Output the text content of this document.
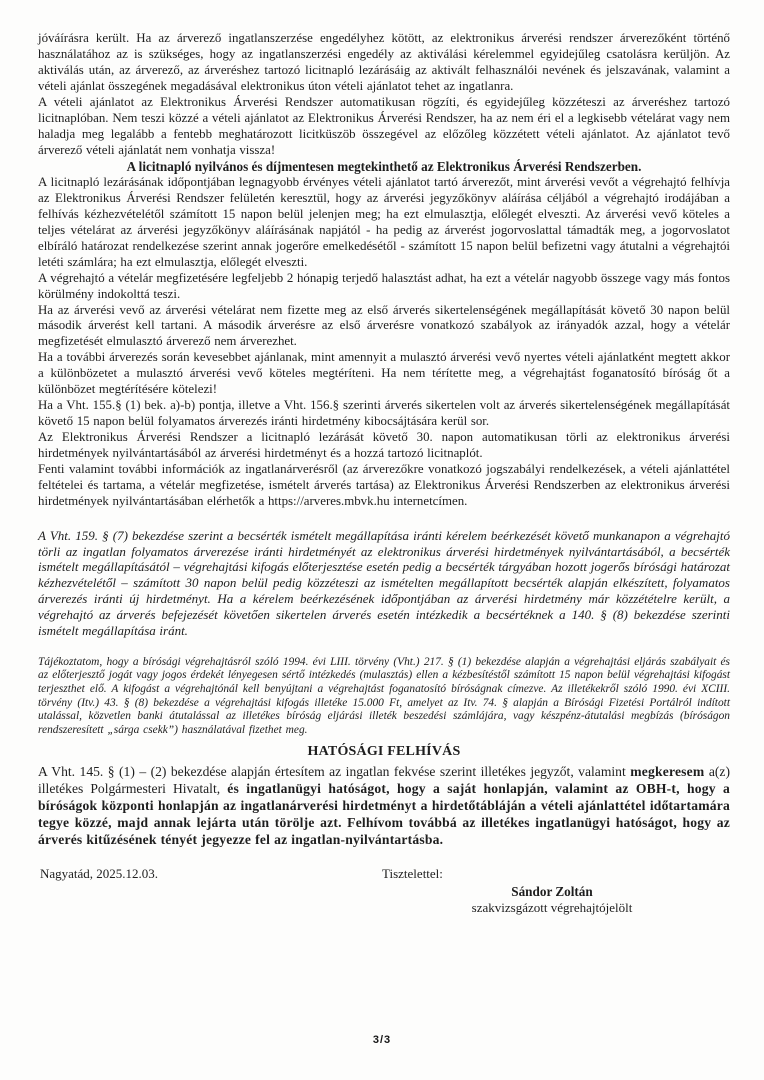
jóváírásra került. Ha az árverező ingatlanszerzése engedélyhez kötött, az elektronikus árverési rendszer árverezőként történő használatához az is szükséges, hogy az ingatlanszerzési engedély az aktiválási kérelemmel egyidejűleg csatolásra kerüljön. Az aktiválás után, az árverező, az árveréshez tartozó licitnapló lezárásáig az aktivált felhasználói nevének és jelszavának, valamint a vételi ajánlat összegének megadásával elektronikus úton vételi ajánlatot tehet az ingatlanra.

A vételi ajánlatot az Elektronikus Árverési Rendszer automatikusan rögzíti, és egyidejűleg közzéteszi az árveréshez tartozó licitnaplóban. Nem teszi közzé a vételi ajánlatot az Elektronikus Árverési Rendszer, ha az nem éri el a legkisebb vételárat vagy nem haladja meg legalább a fentebb meghatározott licitküszöb összegével az előzőleg közzétett vételi ajánlatot. Az ajánlatot tevő árverező vételi ajánlatát nem vonhatja vissza!

A licitnapló nyilvános és díjmentesen megtekinthető az Elektronikus Árverési Rendszerben.

A licitnapló lezárásának időpontjában legnagyobb érvényes vételi ajánlatot tartó árverezőt, mint árverési vevőt a végrehajtó felhívja az Elektronikus Árverési Rendszer felületén keresztül, hogy az árverési jegyzőkönyv aláírása céljából a végrehajtó irodájában a felhívás kézhezvételétől számított 15 napon belül jelenjen meg; ha ezt elmulasztja, előlegét elveszti. Az árverési vevő köteles a teljes vételárat az árverési jegyzőkönyv aláírásának napjától - ha pedig az árverést jogorvoslattal támadták meg, a jogorvoslatot elbíráló határozat rendelkezése szerint annak jogerőre emelkedésétől - számított 15 napon belül befizetni vagy átutalni a végrehajtói letéti számlára; ha ezt elmulasztja, előlegét elveszti.

A végrehajtó a vételár megfizetésére legfeljebb 2 hónapig terjedő halasztást adhat, ha ezt a vételár nagyobb összege vagy más fontos körülmény indokolttá teszi.

Ha az árverési vevő az árverési vételárat nem fizette meg az első árverés sikertelenségének megállapítását követő 30 napon belül második árverést kell tartani. A második árverésre az első árverésre vonatkozó szabályok az irányadók azzal, hogy a vételár megfizetését elmulasztó árverező nem árverezhet.

Ha a további árverezés során kevesebbet ajánlanak, mint amennyit a mulasztó árverési vevő nyertes vételi ajánlatként megtett akkor a különbözetet a mulasztó árverési vevő köteles megtéríteni. Ha nem térítette meg, a végrehajtást foganatosító bíróság őt a különbözet megtérítésére kötelezi!

Ha a Vht. 155.§ (1) bek. a)-b) pontja, illetve a Vht. 156.§ szerinti árverés sikertelen volt az árverés sikertelenségének megállapítását követő 15 napon belül folyamatos árverezés iránti hirdetmény kibocsájtására kerül sor.

Az Elektronikus Árverési Rendszer a licitnapló lezárását követő 30. napon automatikusan törli az elektronikus árverési hirdetmények nyilvántartásából az árverési hirdetményt és a hozzá tartozó licitnaplót.

Fenti valamint további információk az ingatlanárverésről (az árverezőkre vonatkozó jogszabályi rendelkezések, a vételi ajánlattétel feltételei és tartama, a vételár megfizetése, ismételt árverés tartása) az Elektronikus Árverési Rendszerben az elektronikus árverési hirdetmények nyilvántartásában elérhetők a https://arveres.mbvk.hu internetcímen.

A Vht. 159. § (7) bekezdése szerint a becsérték ismételt megállapítása iránti kérelem beérkezését követő munkanapon a végrehajtó törli az ingatlan folyamatos árverezése iránti hirdetményét az elektronikus árverési hirdetmények nyilvántartásából, a becsérték ismételt megállapításától – végrehajtási kifogás előterjesztése esetén pedig a becsérték tárgyában hozott jogerős bírósági határozat kézhezvételétől – számított 30 napon belül pedig közzéteszi az ismételten megállapított becsérték alapján elkészített, folyamatos árverezés iránti új hirdetményt. Ha a kérelem beérkezésének időpontjában az árverési hirdetmény már közzétételre került, a végrehajtó az árverés befejezését követően sikertelen árverés esetén intézkedik a becsértéknek a 140. § (8) bekezdése szerinti ismételt megállapítása iránt.

Tájékoztatom, hogy a bírósági végrehajtásról szóló 1994. évi LIII. törvény (Vht.) 217. § (1) bekezdése alapján a végrehajtási eljárás szabályait és az előterjesztő jogát vagy jogos érdekét lényegesen sértő intézkedés (mulasztás) ellen a kézbesítéstől számított 15 napon belül végrehajtási kifogást terjeszthet elő. A kifogást a végrehajtónál kell benyújtani a végrehajtást foganatosító bíróságnak címezve. Az illetékekről szóló 1990. évi XCIII. törvény (Itv.) 43. § (8) bekezdése a végrehajtási kifogás illetéke 15.000 Ft, amelyet az Itv. 74. § alapján a Bírósági Fizetési Portálról indított utalással, közvetlen banki átutalással az illetékes bíróság eljárási illeték beszedési számlájára, vagy készpénz-átutalási megbízás (bíróságon rendszeresített „sárga csekk”) használatával fizethet meg.

HATÓSÁGI FELHÍVÁS

A Vht. 145. § (1) – (2) bekezdése alapján értesítem az ingatlan fekvése szerint illetékes jegyzőt, valamint megkeresem a(z) illetékes Polgármesteri Hivatalt, és ingatlanügyi hatóságot, hogy a saját honlapján, valamint az OBH-t, hogy a bíróságok központi honlapján az ingatlanárverési hirdetményt a hirdetőtábláján a vételi ajánlattétel időtartamára tegye közzé, majd annak lejárta után törölje azt. Felhívom továbbá az illetékes ingatlanügyi hatóságot, hogy az árverés kitűzésének tényét jegyezze fel az ingatlan-nyilvántartásba.

Nagyatád, 2025.12.03.	Tisztelettel:
Sándor Zoltán
szakvizsgázott végrehajtójelölt
3/3
